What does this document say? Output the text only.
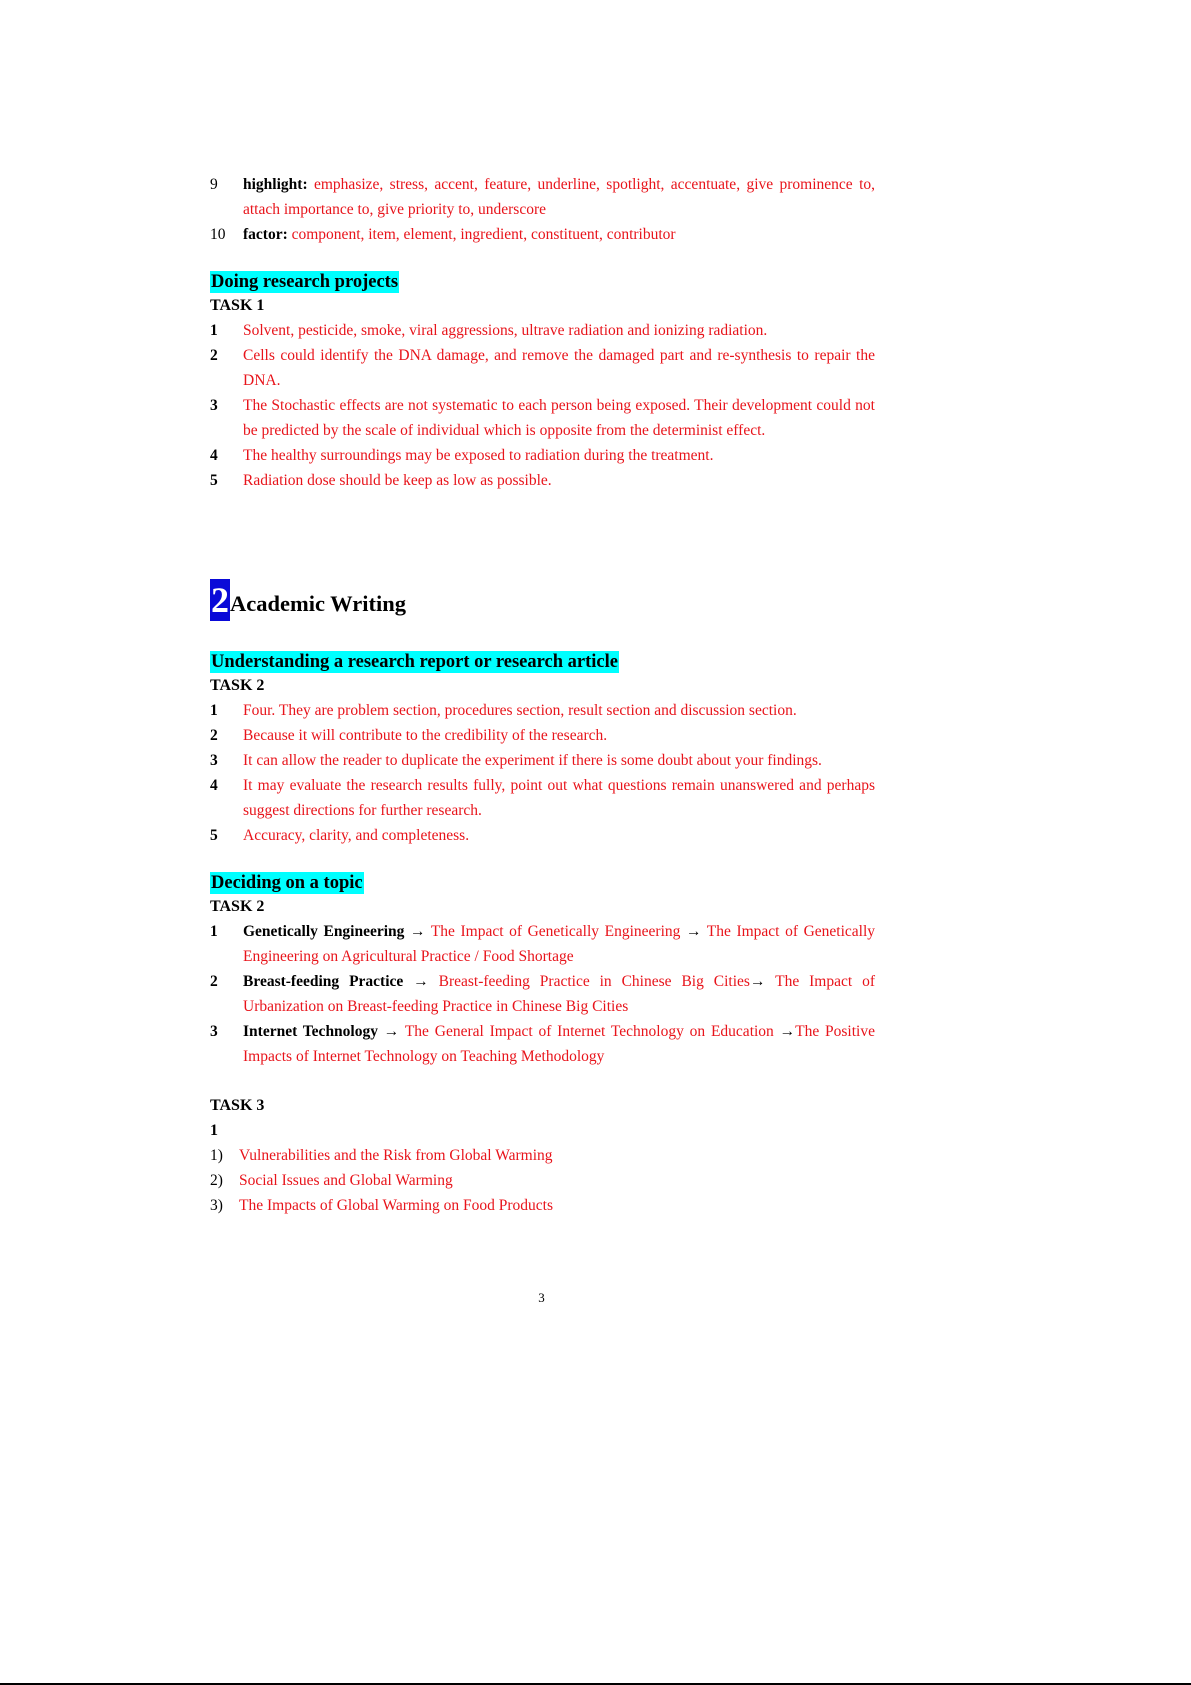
9	highlight: emphasize, stress, accent, feature, underline, spotlight, accentuate, give prominence to, attach importance to, give priority to, underscore
10	factor: component, item, element, ingredient, constituent, contributor
Doing research projects
TASK 1
1	Solvent, pesticide, smoke, viral aggressions, ultrave radiation and ionizing radiation.
2	Cells could identify the DNA damage, and remove the damaged part and re-synthesis to repair the DNA.
3	The Stochastic effects are not systematic to each person being exposed. Their development could not be predicted by the scale of individual which is opposite from the determinist effect.
4	The healthy surroundings may be exposed to radiation during the treatment.
5	Radiation dose should be keep as low as possible.
2 Academic Writing
Understanding a research report or research article
TASK 2
1	Four. They are problem section, procedures section, result section and discussion section.
2	Because it will contribute to the credibility of the research.
3	It can allow the reader to duplicate the experiment if there is some doubt about your findings.
4	It may evaluate the research results fully, point out what questions remain unanswered and perhaps suggest directions for further research.
5	Accuracy, clarity, and completeness.
Deciding on a topic
TASK 2
1	Genetically Engineering → The Impact of Genetically Engineering → The Impact of Genetically Engineering on Agricultural Practice / Food Shortage
2	Breast-feeding Practice → Breast-feeding Practice in Chinese Big Cities→ The Impact of Urbanization on Breast-feeding Practice in Chinese Big Cities
3	Internet Technology → The General Impact of Internet Technology on Education →The Positive Impacts of Internet Technology on Teaching Methodology
TASK 3
1
1)	Vulnerabilities and the Risk from Global Warming
2)	Social Issues and Global Warming
3)	The Impacts of Global Warming on Food Products
3
